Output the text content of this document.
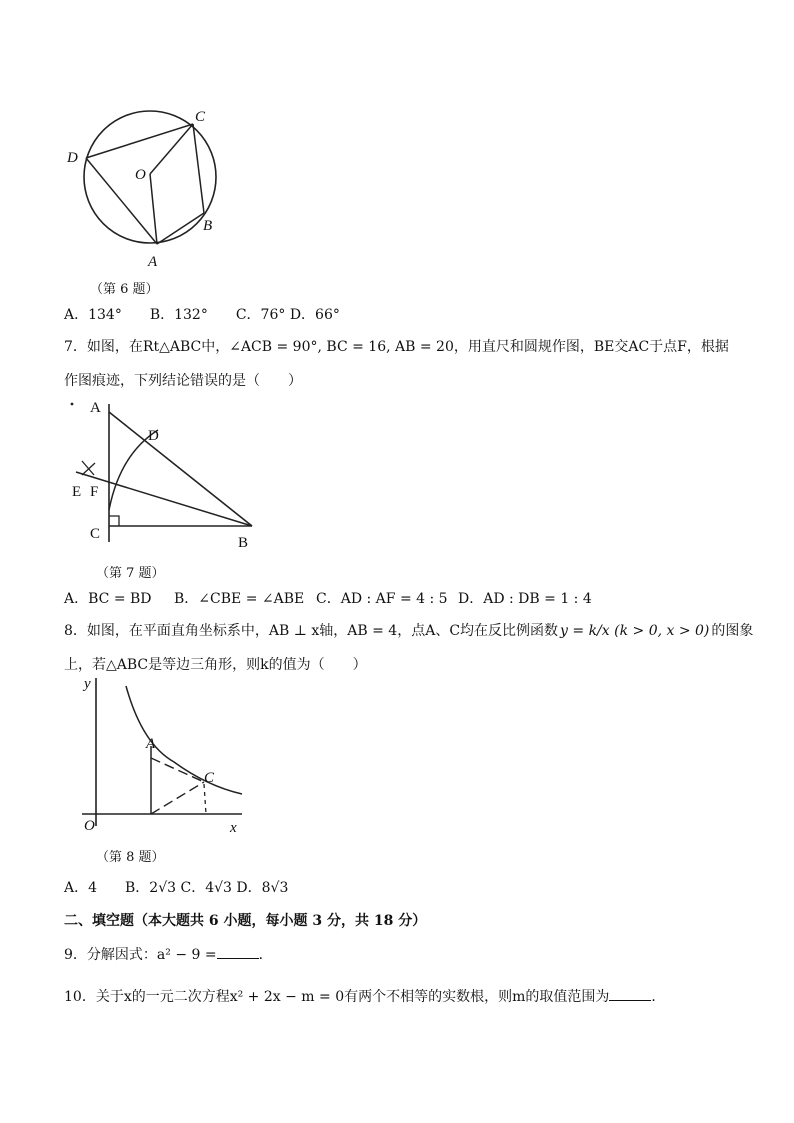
C
D
O
B
A
（第 6 题）
A．134°　　B．132°　　C．76° D．66°
7．如图，在Rt△ABC中，∠ACB = 90°, BC = 16, AB = 20，用直尺和圆规作图，BE交AC于点F，根据
作图痕迹，下列结论错误的是（　　）
A
D
E F
C
B
（第 7 题）
A．BC = BD B．∠CBE = ∠ABE C．AD : AF = 4 : 5 D．AD : DB = 1 : 4
8．如图，在平面直角坐标系中，AB ⊥ x轴，AB = 4，点A、C均在反比例函数 y = k/x (k > 0, x > 0) 的图象
上，若△ABC是等边三角形，则k的值为（　　）
y
A
C
O	x
（第 8 题）
A．4　　B．2√3 C．4√3 D．8√3
二、填空题（本大题共 6 小题，每小题 3 分，共 18 分）
9．分解因式：a² − 9 =	．
10．关于x的一元二次方程x² + 2x − m = 0有两个不相等的实数根，则m的取值范围为	．
